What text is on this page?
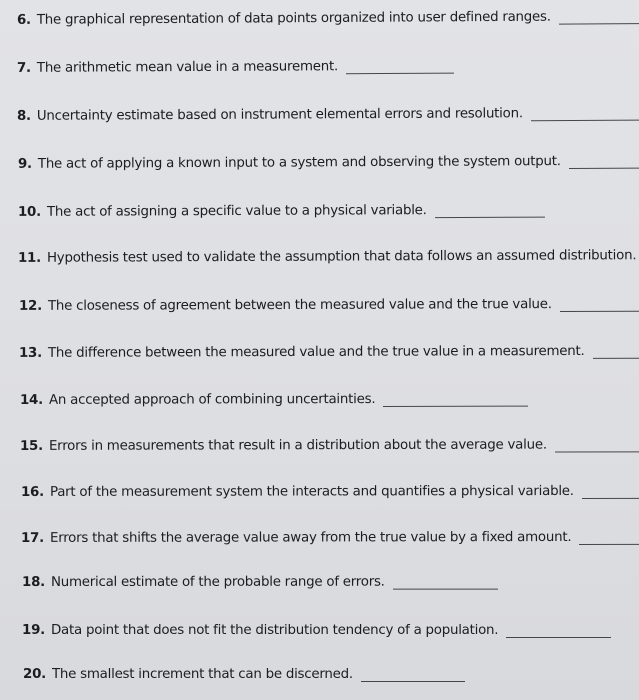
6. The graphical representation of data points organized into user defined ranges.
7. The arithmetic mean value in a measurement.
8. Uncertainty estimate based on instrument elemental errors and resolution.
9. The act of applying a known input to a system and observing the system output.
10. The act of assigning a specific value to a physical variable.
11. Hypothesis test used to validate the assumption that data follows an assumed distribution.
12. The closeness of agreement between the measured value and the true value.
13. The difference between the measured value and the true value in a measurement.
14. An accepted approach of combining uncertainties.
15. Errors in measurements that result in a distribution about the average value.
16. Part of the measurement system the interacts and quantifies a physical variable.
17. Errors that shifts the average value away from the true value by a fixed amount.
18. Numerical estimate of the probable range of errors.
19. Data point that does not fit the distribution tendency of a population.
20. The smallest increment that can be discerned.
